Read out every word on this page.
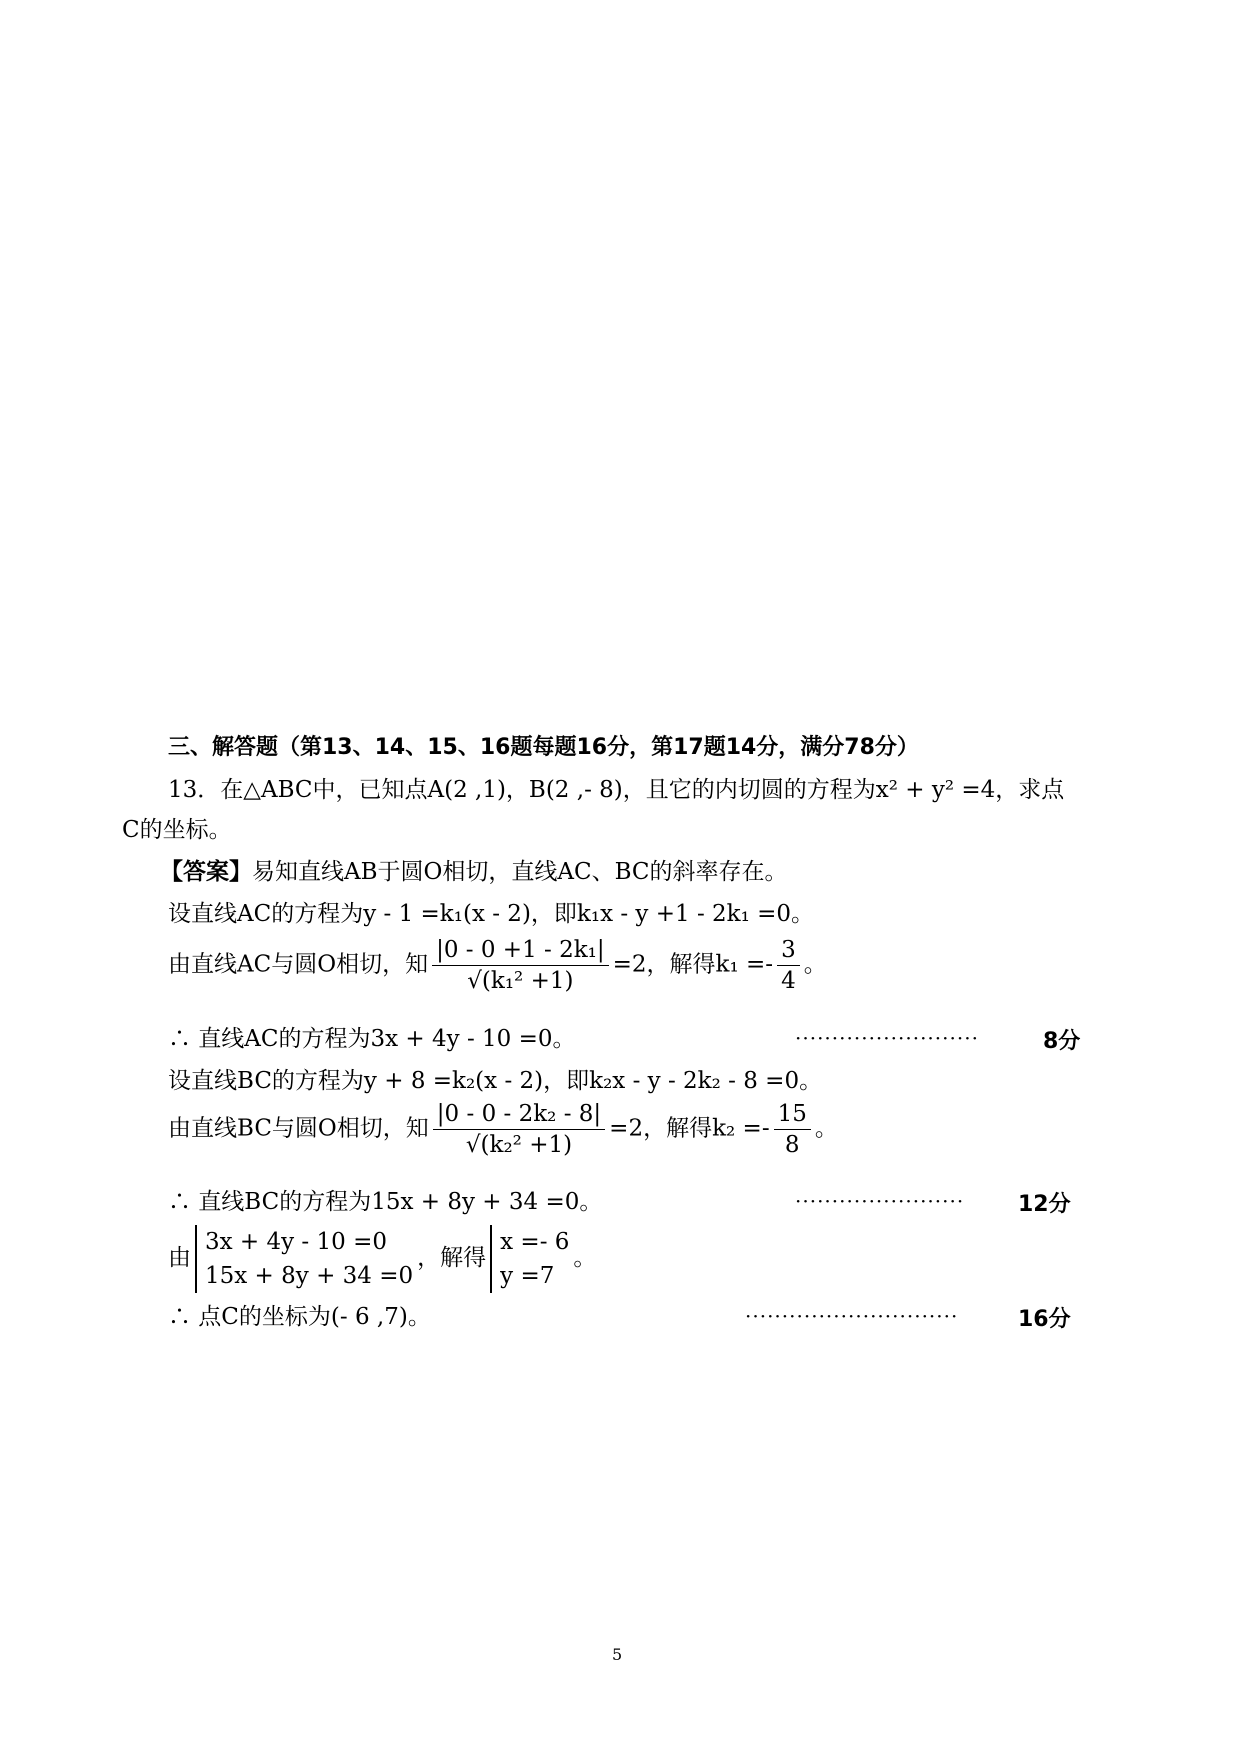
三、解答题（第13、14、15、16题每题16分，第17题14分，满分78分）
13．在△ABC中，已知点A(2 ,1)，B(2 ,- 8)，且它的内切圆的方程为x² + y² =4，求点
C的坐标。
【答案】易知直线AB于圆O相切，直线AC、BC的斜率存在。
设直线AC的方程为y - 1 =k₁(x - 2)，即k₁x - y +1 - 2k₁ =0。
由直线AC与圆O相切，知 $\frac{\text{|0 - 0 +1 - 2k₁|}}{\text{√(k₁² +1)}} =2$，解得$k_1 =- \frac{3}{4}$ 。
∴ 直线AC的方程为3x + 4y - 10 =0。	·························	8分
设直线BC的方程为y + 8 =k₂(x - 2)，即k₂x - y - 2k₂ - 8 =0。
由直线BC与圆O相切，知 $\frac{\text{|0 - 0 - 2k₂ - 8|}}{\text{√(k₂² +1)}} =2$，解得$k_2 =- \frac{15}{8}$ 。
∴ 直线BC的方程为15x + 8y + 34 =0。	······················· 12分
由
3x + 4y - 10 =0
15x + 8y + 34 =0
，解得
x =- 6
y =7
。
∴ 点C的坐标为(- 6 ,7)。	·····························	16分
5
